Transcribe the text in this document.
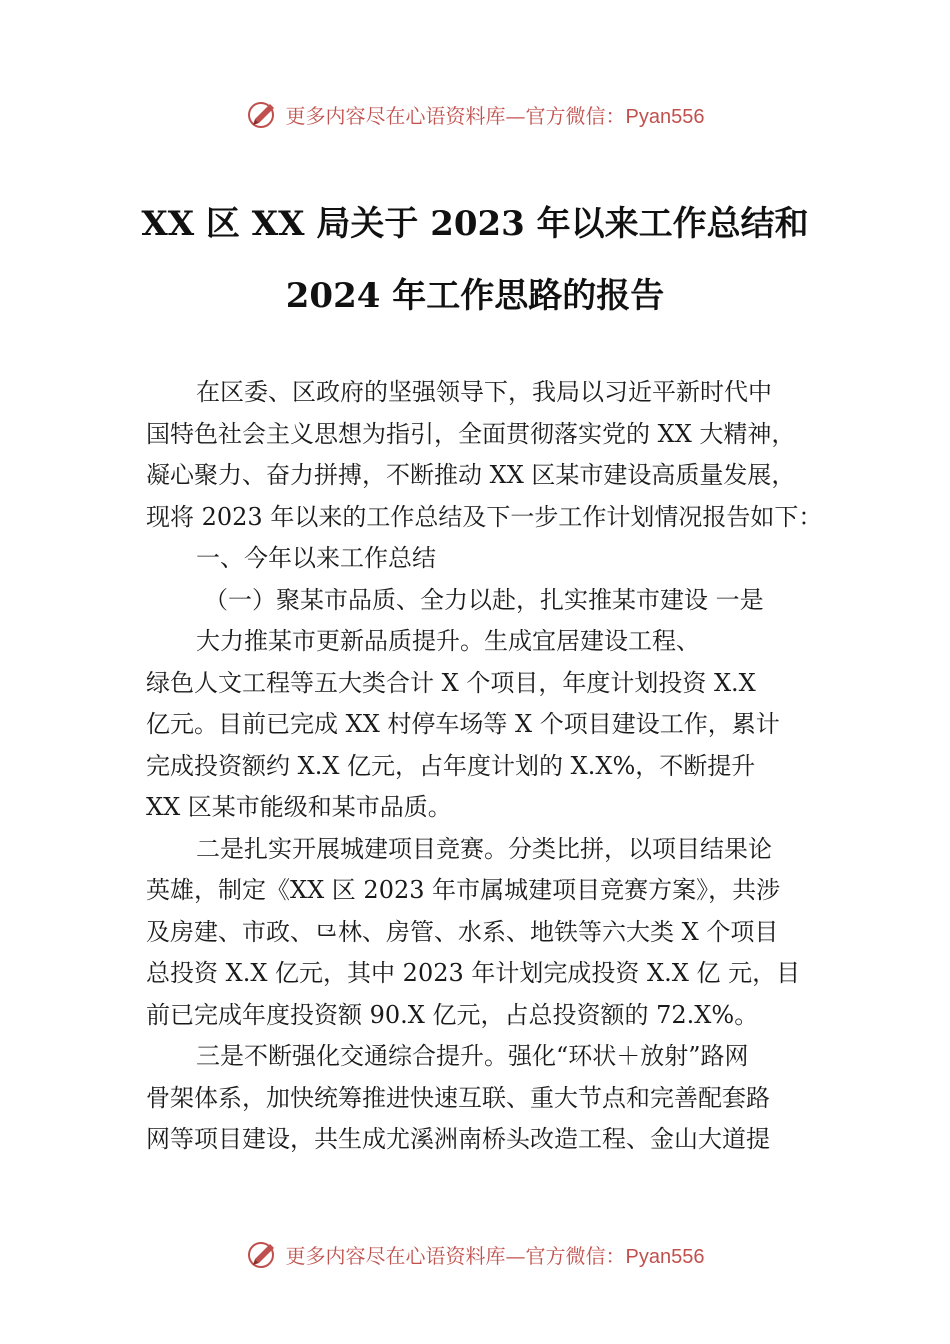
更多内容尽在心语资料库—官方微信：Pyan556
XX 区 XX 局关于 2023 年以来工作总结和
2024 年工作思路的报告
在区委、区政府的坚强领导下，我局以习近平新时代中
国特色社会主义思想为指引，全面贯彻落实党的 XX 大精神，
凝心聚力、奋力拼搏，不断推动 XX 区某市建设高质量发展，
现将 2023 年以来的工作总结及下一步工作计划情况报告如下：
一、今年以来工作总结
（一）聚某市品质、全力以赴，扎实推某市建设 一是
大力推某市更新品质提升。生成宜居建设工程、
绿色人文工程等五大类合计 X 个项目，年度计划投资 X.X
亿元。目前已完成 XX 村停车场等 X 个项目建设工作，累计
完成投资额约 X.X 亿元，占年度计划的 X.X%，不断提升
XX 区某市能级和某市品质。
二是扎实开展城建项目竞赛。分类比拼，以项目结果论
英雄，制定《XX 区 2023 年市属城建项目竞赛方案》，共涉
及房建、市政、⺋林、房管、水系、地铁等六大类 X 个项目
总投资 X.X 亿元，其中 2023 年计划完成投资 X.X 亿 元，目
前已完成年度投资额 90.X 亿元，占总投资额的 72.X%。
三是不断强化交通综合提升。强化“环状＋放射”路网
骨架体系，加快统筹推进快速互联、重大节点和完善配套路
网等项目建设，共生成尤溪洲南桥头改造工程、金山大道提
更多内容尽在心语资料库—官方微信：Pyan556
